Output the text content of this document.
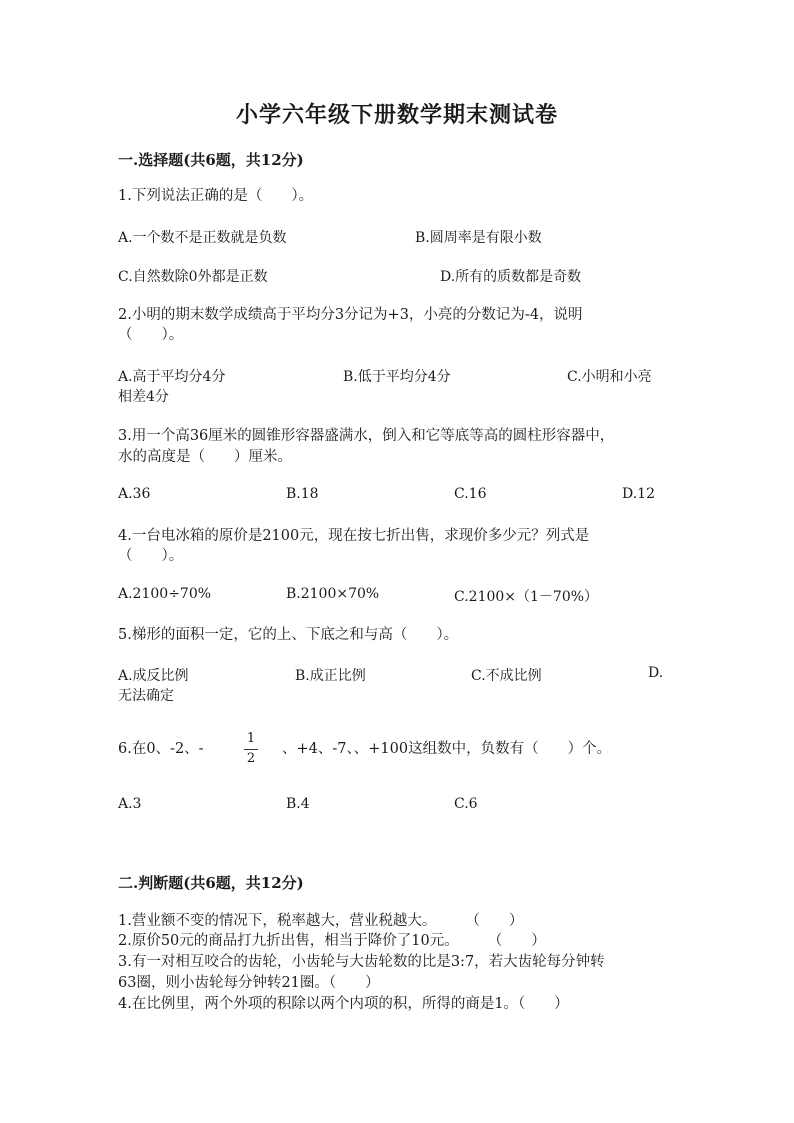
小学六年级下册数学期末测试卷
一.选择题(共6题，共12分)
1.下列说法正确的是（　　）。
A.一个数不是正数就是负数	B.圆周率是有限小数
C.自然数除0外都是正数	D.所有的质数都是奇数
2.小明的期末数学成绩高于平均分3分记为+3，小亮的分数记为-4，说明
（　　）。
A.高于平均分4分	B.低于平均分4分	C.小明和小亮
相差4分
3.用一个高36厘米的圆锥形容器盛满水，倒入和它等底等高的圆柱形容器中，
水的高度是（　　）厘米。
A.36	B.18	C.16	D.12
4.一台电冰箱的原价是2100元，现在按七折出售，求现价多少元？列式是
（　　）。
A.2100÷70%	B.2100×70%	C.2100×（1－70%）
5.梯形的面积一定，它的上、下底之和与高（　　）。
A.成反比例	B.成正比例	C.不成比例	D.
无法确定
6.在0、-2、-
1
2
、+4、-7、、+100这组数中，负数有（　　）个。
A.3	B.4	C.6
二.判断题(共6题，共12分)
1.营业额不变的情况下，税率越大，营业税越大。　　　（　　）
2.原价50元的商品打九折出售，相当于降价了10元。　　　（　　）
3.有一对相互咬合的齿轮，小齿轮与大齿轮数的比是3:7，若大齿轮每分钟转
63圈，则小齿轮每分钟转21圈。（　　）
4.在比例里，两个外项的积除以两个内项的积，所得的商是1。（　　）
